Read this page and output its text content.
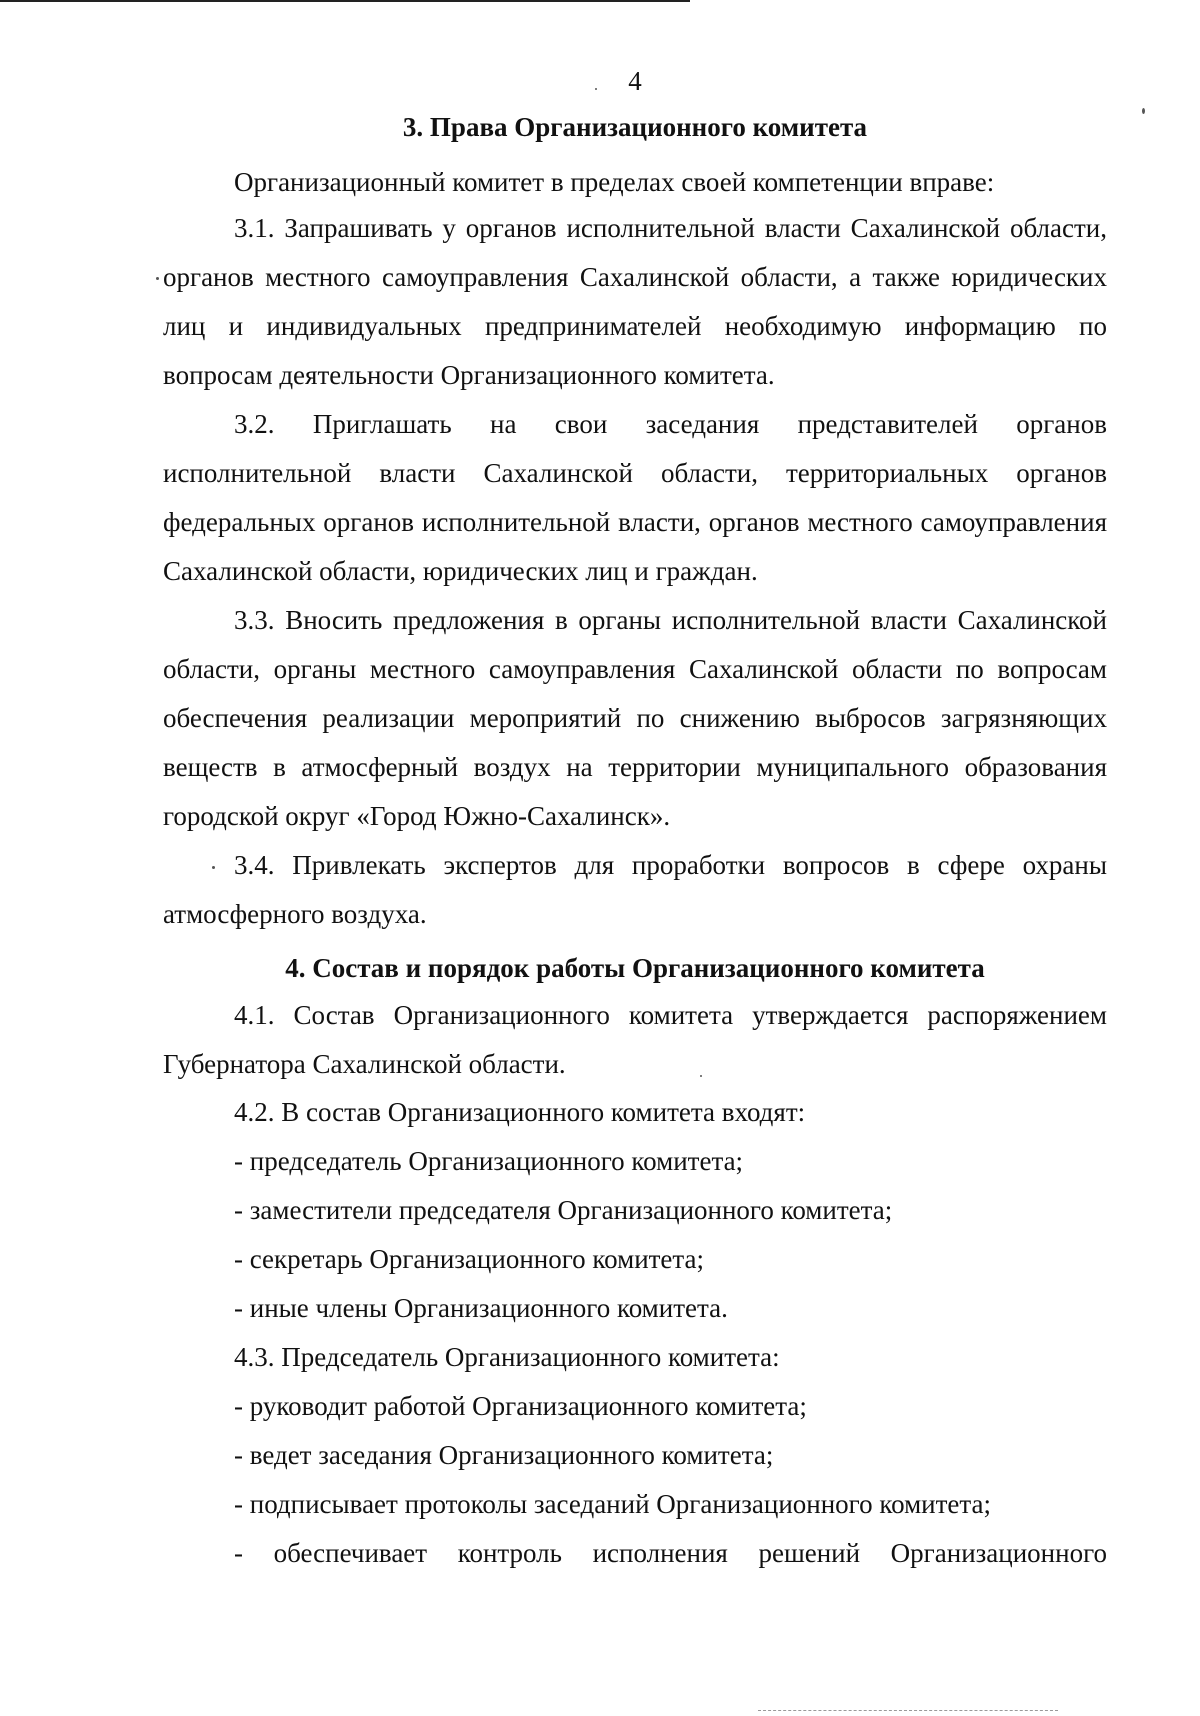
4
3. Права Организационного комитета

Организационный комитет в пределах своей компетенции вправе:

3.1. Запрашивать у органов исполнительной власти Сахалинской области, органов местного самоуправления Сахалинской области, а также юридических лиц и индивидуальных предпринимателей необходимую информацию по вопросам деятельности Организационного комитета.

3.2. Приглашать на свои заседания представителей органов исполнительной власти Сахалинской области, территориальных органов федеральных органов исполнительной власти, органов местного самоуправления Сахалинской области, юридических лиц и граждан.

3.3. Вносить предложения в органы исполнительной власти Сахалинской области, органы местного самоуправления Сахалинской области по вопросам обеспечения реализации мероприятий по снижению выбросов загрязняющих веществ в атмосферный воздух на территории муниципального образования городской округ «Город Южно-Сахалинск».

3.4. Привлекать экспертов для проработки вопросов в сфере охраны атмосферного воздуха.

4. Состав и порядок работы Организационного комитета

4.1. Состав Организационного комитета утверждается распоряжением Губернатора Сахалинской области.

4.2. В состав Организационного комитета входят:
- председатель Организационного комитета;
- заместители председателя Организационного комитета;
- секретарь Организационного комитета;
- иные члены Организационного комитета.
4.3. Председатель Организационного комитета:
- руководит работой Организационного комитета;
- ведет заседания Организационного комитета;
- подписывает протоколы заседаний Организационного комитета;
- обеспечивает контроль исполнения решений Организационного
